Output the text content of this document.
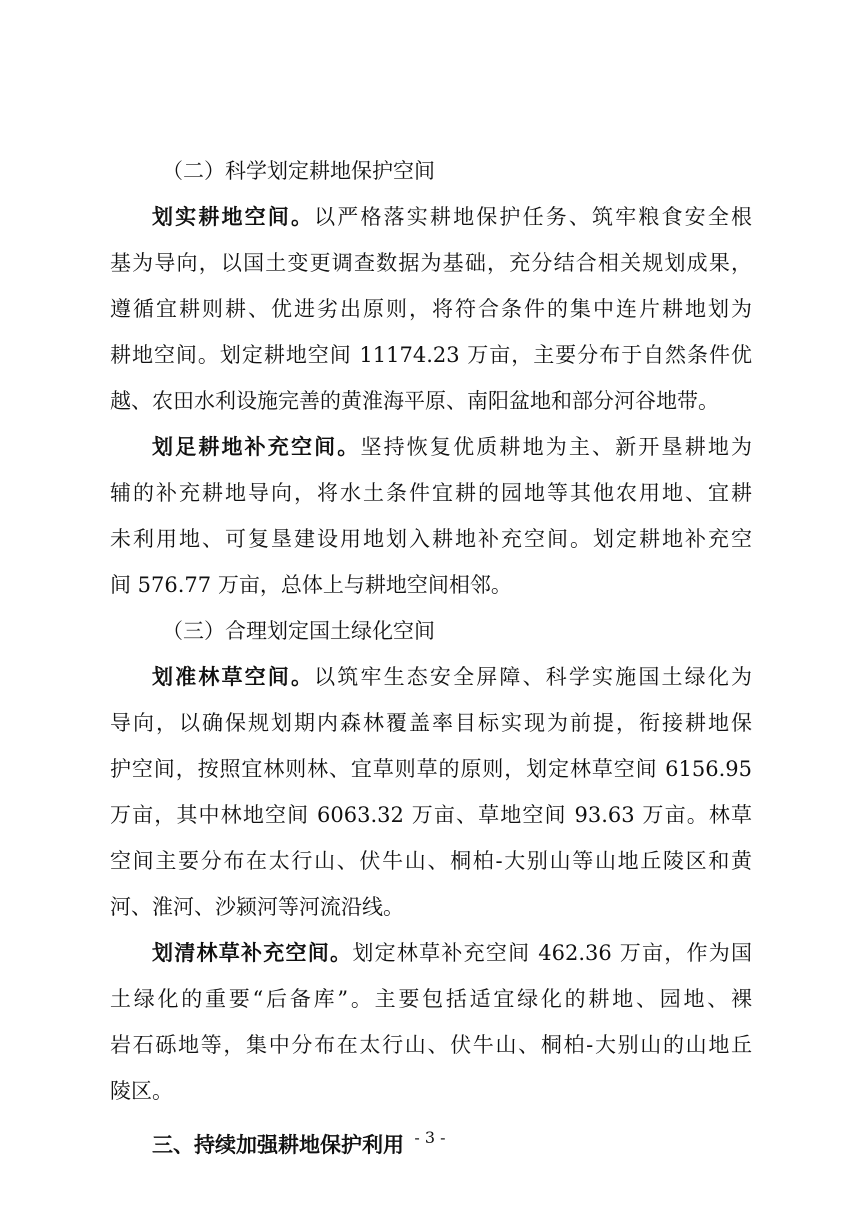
（二）科学划定耕地保护空间
划实耕地空间。以严格落实耕地保护任务、筑牢粮食安全根
基为导向，以国土变更调查数据为基础，充分结合相关规划成果，
遵循宜耕则耕、优进劣出原则，将符合条件的集中连片耕地划为
耕地空间。划定耕地空间 11174.23 万亩，主要分布于自然条件优
越、农田水利设施完善的黄淮海平原、南阳盆地和部分河谷地带。
划足耕地补充空间。坚持恢复优质耕地为主、新开垦耕地为
辅的补充耕地导向，将水土条件宜耕的园地等其他农用地、宜耕
未利用地、可复垦建设用地划入耕地补充空间。划定耕地补充空
间 576.77 万亩，总体上与耕地空间相邻。
（三）合理划定国土绿化空间
划准林草空间。以筑牢生态安全屏障、科学实施国土绿化为
导向，以确保规划期内森林覆盖率目标实现为前提，衔接耕地保
护空间，按照宜林则林、宜草则草的原则，划定林草空间 6156.95
万亩，其中林地空间 6063.32 万亩、草地空间 93.63 万亩。林草
空间主要分布在太行山、伏牛山、桐柏-大别山等山地丘陵区和黄
河、淮河、沙颍河等河流沿线。
划清林草补充空间。划定林草补充空间 462.36 万亩，作为国
土绿化的重要“后备库”。主要包括适宜绿化的耕地、园地、裸
岩石砾地等，集中分布在太行山、伏牛山、桐柏-大别山的山地丘
陵区。
三、持续加强耕地保护利用 - 3 -
